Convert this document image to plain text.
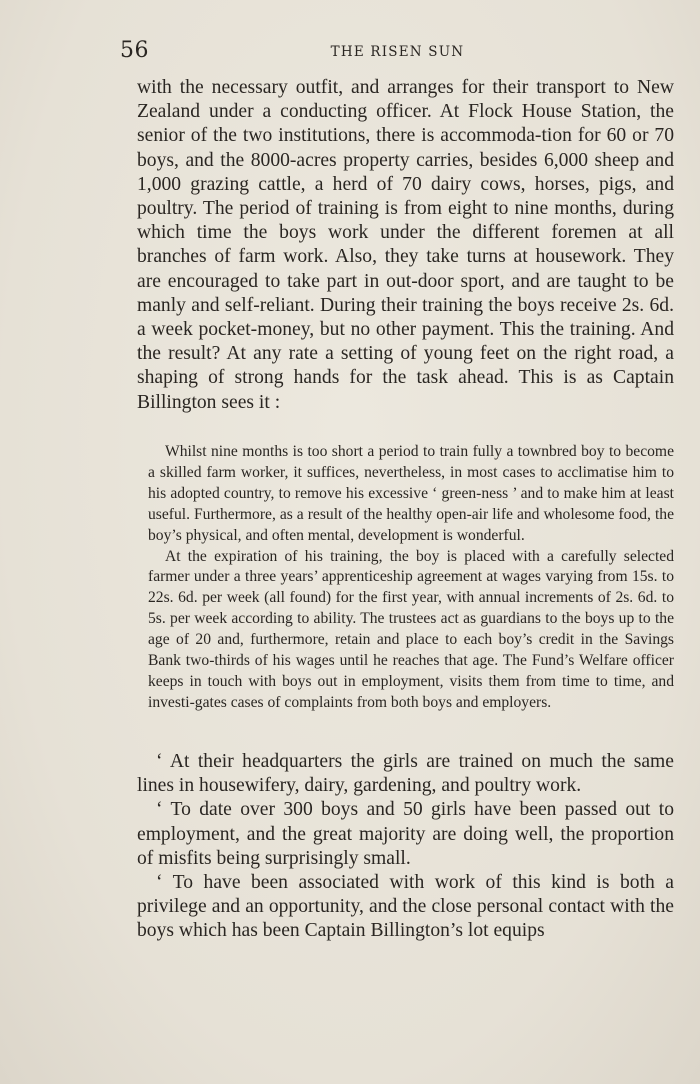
56	THE RISEN SUN

with the necessary outfit, and arranges for their transport to New Zealand under a conducting officer. At Flock House Station, the senior of the two institutions, there is accommoda-tion for 60 or 70 boys, and the 8000-acres property carries, besides 6,000 sheep and 1,000 grazing cattle, a herd of 70 dairy cows, horses, pigs, and poultry. The period of training is from eight to nine months, during which time the boys work under the different foremen at all branches of farm work. Also, they take turns at housework. They are encouraged to take part in out-door sport, and are taught to be manly and self-reliant. During their training the boys receive 2s. 6d. a week pocket-money, but no other payment. This the training. And the result? At any rate a setting of young feet on the right road, a shaping of strong hands for the task ahead. This is as Captain Billington sees it :

Whilst nine months is too short a period to train fully a townbred boy to become a skilled farm worker, it suffices, nevertheless, in most cases to acclimatise him to his adopted country, to remove his excessive ‘ green-ness ’ and to make him at least useful. Furthermore, as a result of the healthy open-air life and wholesome food, the boy’s physical, and often mental, development is wonderful.

At the expiration of his training, the boy is placed with a carefully selected farmer under a three years’ apprenticeship agreement at wages varying from 15s. to 22s. 6d. per week (all found) for the first year, with annual increments of 2s. 6d. to 5s. per week according to ability. The trustees act as guardians to the boys up to the age of 20 and, furthermore, retain and place to each boy’s credit in the Savings Bank two-thirds of his wages until he reaches that age. The Fund’s Welfare officer keeps in touch with boys out in employment, visits them from time to time, and investi-gates cases of complaints from both boys and employers.

‘ At their headquarters the girls are trained on much the same lines in housewifery, dairy, gardening, and poultry work.

‘ To date over 300 boys and 50 girls have been passed out to employment, and the great majority are doing well, the proportion of misfits being surprisingly small.

‘ To have been associated with work of this kind is both a privilege and an opportunity, and the close personal contact with the boys which has been Captain Billington’s lot equips
